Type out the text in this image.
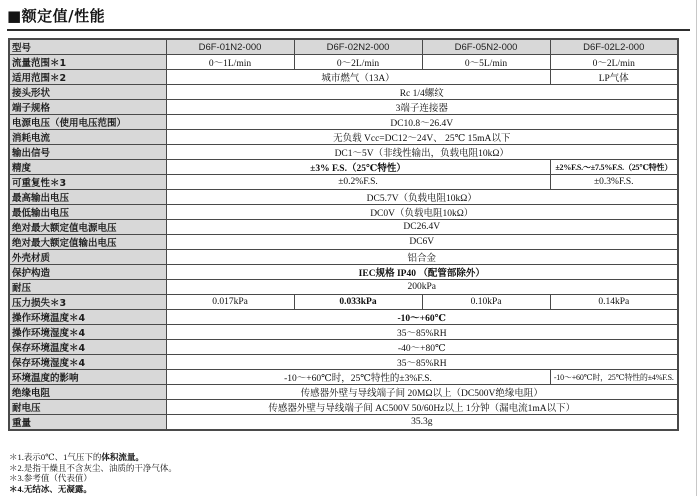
■额定值/性能
型号	D6F-01N2-000	D6F-02N2-000	D6F-05N2-000	D6F-02L2-000
流量范围＊1	0～1L/min	0～2L/min	0～5L/min	0～2L/min
适用范围＊2	城市燃气（13A）			LP气体
接头形状	Rc 1/4螺纹			
端子规格	3端子连接器			
电源电压（使用电压范围）	DC10.8～26.4V			
消耗电流	无负载 Vcc=DC12～24V、 25℃ 15mA以下			
输出信号	DC1～5V（非线性输出，负载电阻10kΩ）			
精度	±3% F.S.（25℃特性）			±2%F.S.～±7.5%F.S.（25℃特性）
可重复性＊3	±0.2%F.S.			±0.3%F.S.
最高输出电压	DC5.7V（负载电阻10kΩ）			
最低输出电压	DC0V（负载电阻10kΩ）			
绝对最大额定值电源电压	DC26.4V			
绝对最大额定值输出电压	DC6V			
外壳材质	铝合金			
保护构造	IEC规格 IP40 （配管部除外）			
耐压	200kPa			
压力损失＊3	0.017kPa	0.033kPa	0.10kPa	0.14kPa
操作环境温度＊4	-10～+60℃			
操作环境湿度＊4	35～85%RH			
保存环境温度＊4	-40～+80℃			
保存环境湿度＊4	35～85%RH			
环境温度的影响	-10～+60℃时，25℃特性的±3%F.S.			-10～+60℃时，25℃特性的±4%F.S.
绝缘电阻	传感器外壁与导线端子间 20MΩ以上（DC500V绝缘电阻）			
耐电压	传感器外壁与导线端子间 AC500V 50/60Hz以上 1分钟（漏电流1mA以下）			
重量	35.3g			
＊1.表示0℃、1气压下的体积流量。
＊2.是指干燥且不含灰尘、油质的干净气体。
＊3.参考值（代表值）
＊4.无结冰、无凝露。
